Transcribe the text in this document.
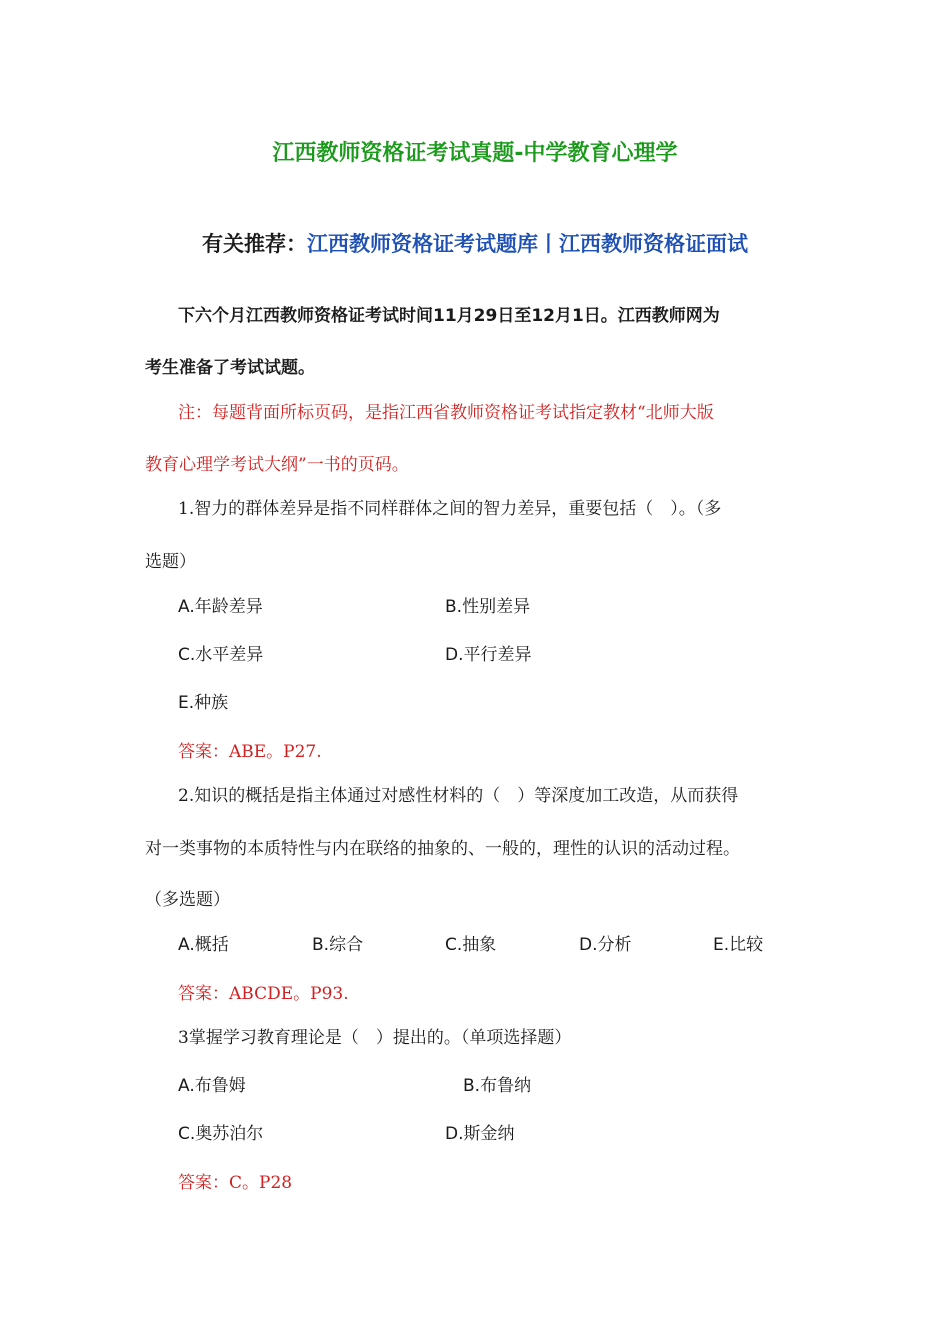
江西教师资格证考试真题-中学教育心理学
有关推荐：江西教师资格证考试题库丨江西教师资格证面试
下六个月江西教师资格证考试时间11月29日至12月1日。江西教师网为
考生准备了考试试题。
注：每题背面所标页码，是指江西省教师资格证考试指定教材“北师大版
教育心理学考试大纲”一书的页码。
1.智力的群体差异是指不同样群体之间的智力差异，重要包括（　）。（多
选题）
A.年龄差异	B.性别差异
C.水平差异	D.平行差异
E.种族
答案：ABE。P27.
2.知识的概括是指主体通过对感性材料的（　）等深度加工改造，从而获得
对一类事物的本质特性与内在联络的抽象的、一般的，理性的认识的活动过程。
（多选题）
A.概括	B.综合	C.抽象	D.分析	E.比较
答案：ABCDE。P93.
3掌握学习教育理论是（　）提出的。（单项选择题）
A.布鲁姆	B.布鲁纳
C.奥苏泊尔	D.斯金纳
答案：C。P28
